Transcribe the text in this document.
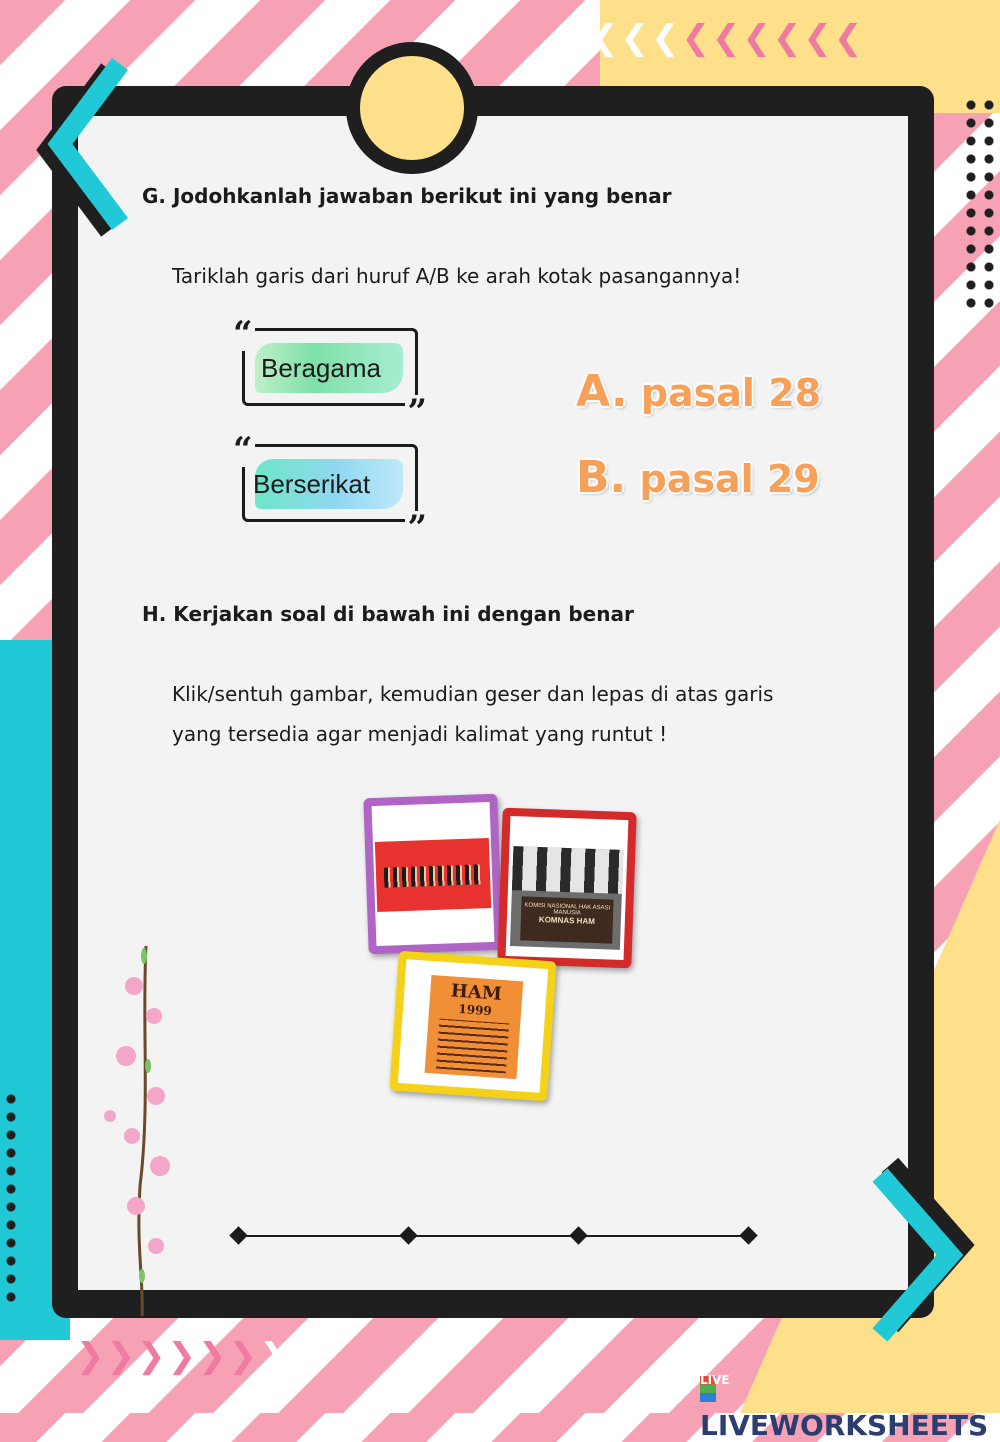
❮❮❮❮❮❮❮❮❮
G. Jodohkanlah jawaban berikut ini yang benar
Tariklah garis dari huruf A/B ke arah kotak pasangannya!
“
Beragama
”
“
Berserikat
”
A. pasal 28
B. pasal 29
H. Kerjakan soal di bawah ini dengan benar
Klik/sentuh gambar, kemudian geser dan lepas di atas garis
yang tersedia agar menjadi kalimat yang runtut !
KOMISI NASIONAL HAK ASASI MANUSIA
KOMNAS HAM
HAM
1999
☝
❯❯❯❯❯❯❯❯
LIVELIVEWORKSHEETS
